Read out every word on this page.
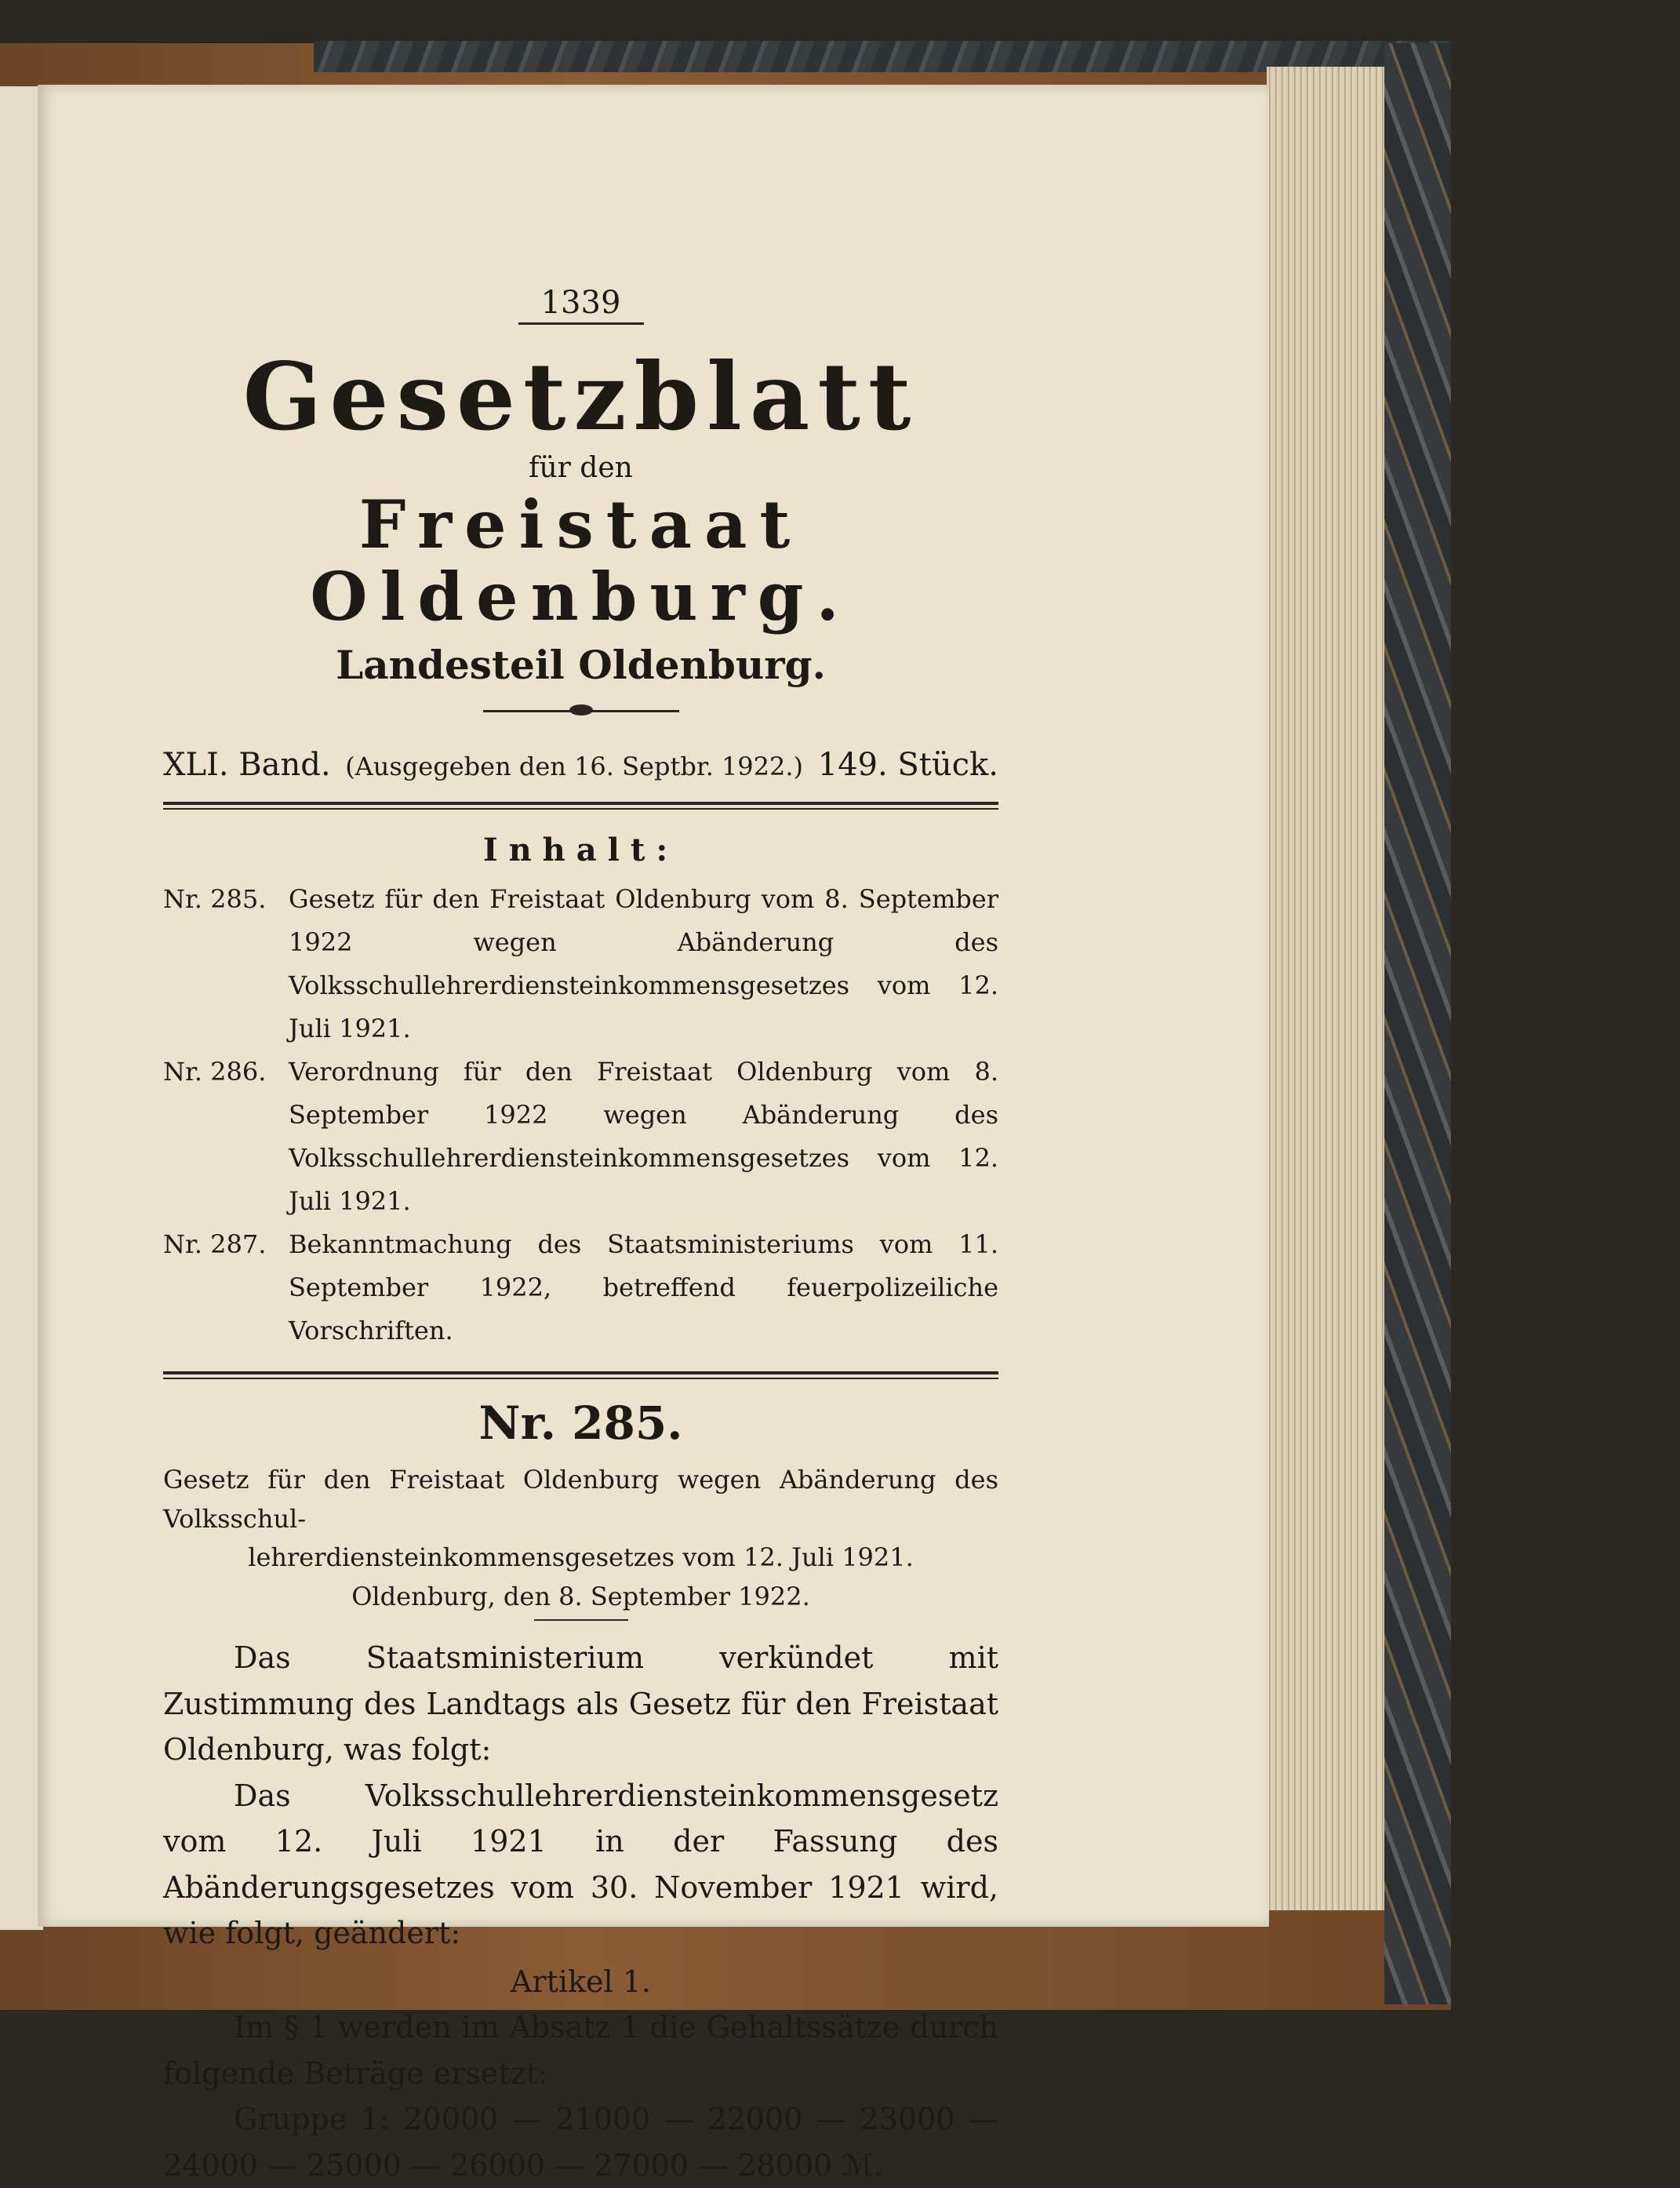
1339
Gesetzblatt
für den
Freistaat Oldenburg.
Landesteil Oldenburg.
XLI. Band. (Ausgegeben den 16. Septbr. 1922.) 149. Stück.
Inhalt:
Nr. 285. Gesetz für den Freistaat Oldenburg vom 8. September 1922 wegen Abänderung des Volksschullehrerdiensteinkommensgesetzes vom 12. Juli 1921.
Nr. 286. Verordnung für den Freistaat Oldenburg vom 8. September 1922 wegen Abänderung des Volksschullehrerdiensteinkommensgesetzes vom 12. Juli 1921.
Nr. 287. Bekanntmachung des Staatsministeriums vom 11. September 1922, betreffend feuerpolizeiliche Vorschriften.
Nr. 285.
Gesetz für den Freistaat Oldenburg wegen Abänderung des Volksschul-
lehrerdiensteinkommensgesetzes vom 12. Juli 1921.
Oldenburg, den 8. September 1922.

Das Staatsministerium verkündet mit Zustimmung des Landtags als Gesetz für den Freistaat Oldenburg, was folgt:

Das Volksschullehrerdiensteinkommensgesetz vom 12. Juli 1921 in der Fassung des Abänderungsgesetzes vom 30. November 1921 wird, wie folgt, geändert:

Artikel 1.

Im § 1 werden im Absatz 1 die Gehaltssätze durch folgende Beträge ersetzt:

Gruppe 1: 20000 — 21000 — 22000 — 23000 — 24000 — 25000 — 26000 — 27000 — 28000 ℳ.
